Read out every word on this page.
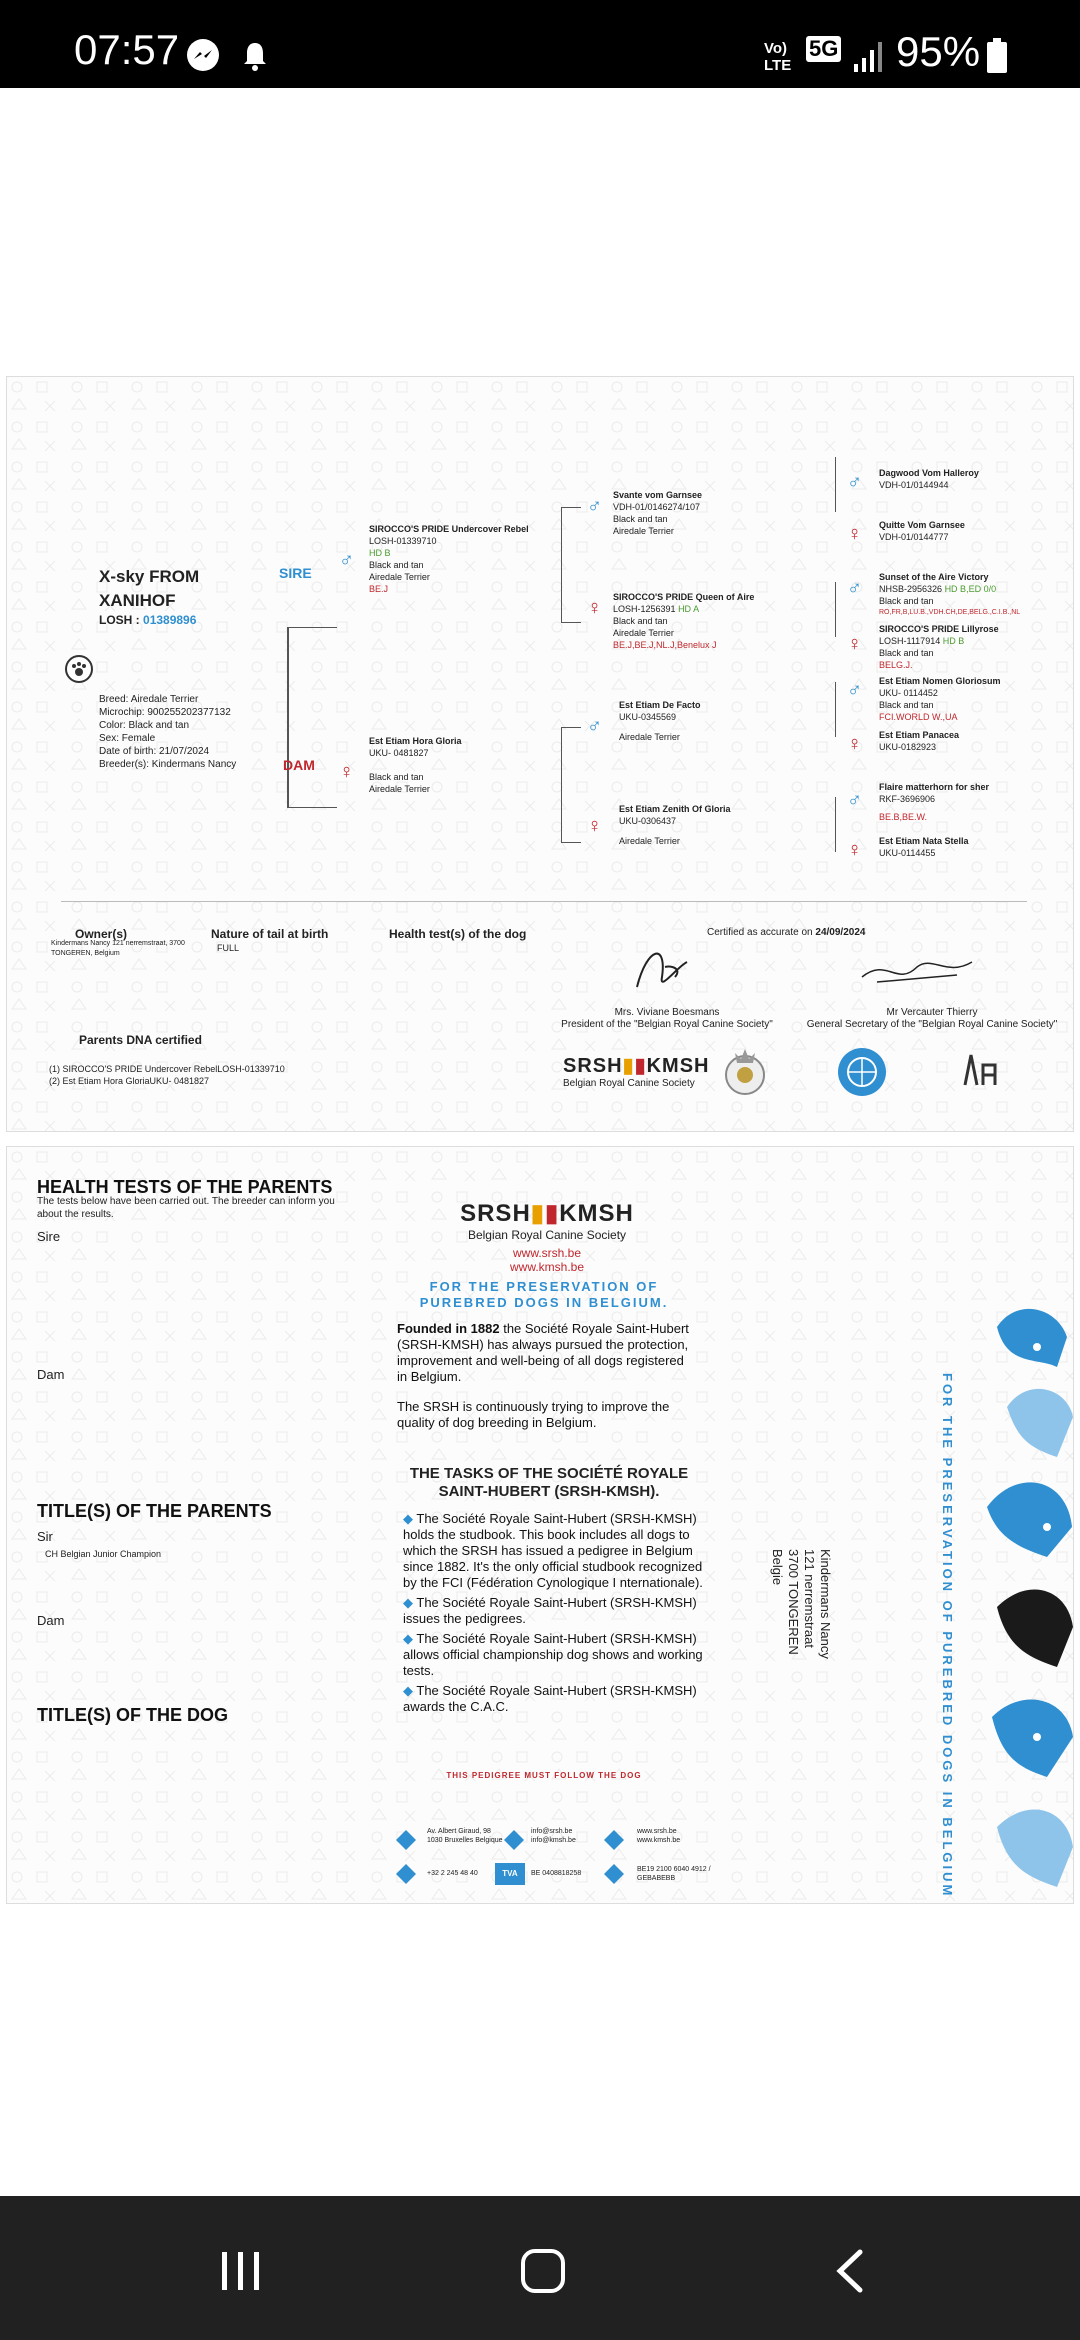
07:57	Vo) LTE
5G 95%
X-sky FROM XANIHOF
LOSH : 01389896
Breed: Airedale Terrier
Microchip: 900255202377132
Color: Black and tan
Sex: Female
Date of birth: 21/07/2024
Breeder(s): Kindermans Nancy
SIRE
♂
SIROCCO'S PRIDE Undercover Rebel
LOSH-01339710
HD B
Black and tan
Airedale Terrier
BE.J
DAM ♀
Est Etiam Hora Gloria
UKU- 0481827
Black and tan
Airedale Terrier
♂ Svante vom Garnsee
VDH-01/0146274/107
Black and tan
Airedale Terrier
♀ SIROCCO'S PRIDE Queen of Aire
LOSH-1256391 HD A
Black and tan
Airedale Terrier
BE.J,BE.J,NL.J,Benelux J
♂
Est Etiam De Facto
UKU-0345569
Airedale Terrier
♀
Est Etiam Zenith Of Gloria
UKU-0306437
Airedale Terrier
♂ Dagwood Vom Halleroy
VDH-01/0144944
♀ Quitte Vom Garnsee
VDH-01/0144777
♂ Sunset of the Aire Victory
NHSB-2956326 HD B,ED 0/0
Black and tan
RO,FR,B,LU.B.,VDH.CH,DE,BELG.,C.I.B.,NL
♀
SIROCCO'S PRIDE Lillyrose
LOSH-1117914 HD B
Black and tan
BELG.J.
♂ Est Etiam Nomen Gloriosum
UKU- 0114452
Black and tan
FCI.WORLD W.,UA
♀ Est Etiam Panacea
UKU-0182923
♂
Flaire matterhorn for sher
RKF-3696906
BE.B,BE.W.
♀ Est Etiam Nata Stella
UKU-0114455
Owner(s)
Kindermans Nancy 121 nerremstraat, 3700 TONGEREN, Belgium
Nature of tail at birth
FULL
Health test(s) of the dog	Certified as accurate on 24/09/2024
Mrs. Viviane Boesmans
President of the "Belgian Royal Canine Society"
Mr Vercauter Thierry
General Secretary of the "Belgian Royal Canine Society"
Parents DNA certified
(1) SIROCCO'S PRIDE Undercover RebelLOSH-01339710
(2) Est Etiam Hora GloriaUKU- 0481827
SRSH▮▮KMSH
Belgian Royal Canine Society
HEALTH TESTS OF THE PARENTS
The tests below have been carried out. The breeder can inform you about the results.
Sire
Dam
TITLE(S) OF THE PARENTS
Sir
CH Belgian Junior Champion
Dam
TITLE(S) OF THE DOG
SRSH▮▮KMSH
Belgian Royal Canine Society
www.srsh.be
www.kmsh.be
FOR THE PRESERVATION OF PUREBRED DOGS IN BELGIUM.
Founded in 1882 the Société Royale Saint-Hubert (SRSH-KMSH) has always pursued the protection, improvement and well-being of all dogs registered in Belgium.
The SRSH is continuously trying to improve the quality of dog breeding in Belgium.
THE TASKS OF THE SOCIÉTÉ ROYALE SAINT-HUBERT (SRSH-KMSH).
◆ The Société Royale Saint-Hubert (SRSH-KMSH) holds the studbook. This book includes all dogs to which the SRSH has issued a pedigree in Belgium since 1882. It's the only official studbook recognized by the FCI (Fédération Cynologique I nternationale).
◆ The Société Royale Saint-Hubert (SRSH-KMSH) issues the pedigrees.
◆ The Société Royale Saint-Hubert (SRSH-KMSH) allows official championship dog shows and working tests.
◆ The Société Royale Saint-Hubert (SRSH-KMSH) awards the C.A.C.
THIS PEDIGREE MUST FOLLOW THE DOG
Av. Albert Giraud, 98 1030 Bruxelles Belgique
info@srsh.be info@kmsh.be
www.srsh.be www.kmsh.be
+32 2 245 48 40	TVA	BE 0408818258
BE19 2100 6040 4912 / GEBABEBB
Kindermans Nancy
121 nerremstraat
3700 TONGEREN
Belgie	FOR THE PRESERVATION OF PUREBRED DOGS IN BELGIUM
